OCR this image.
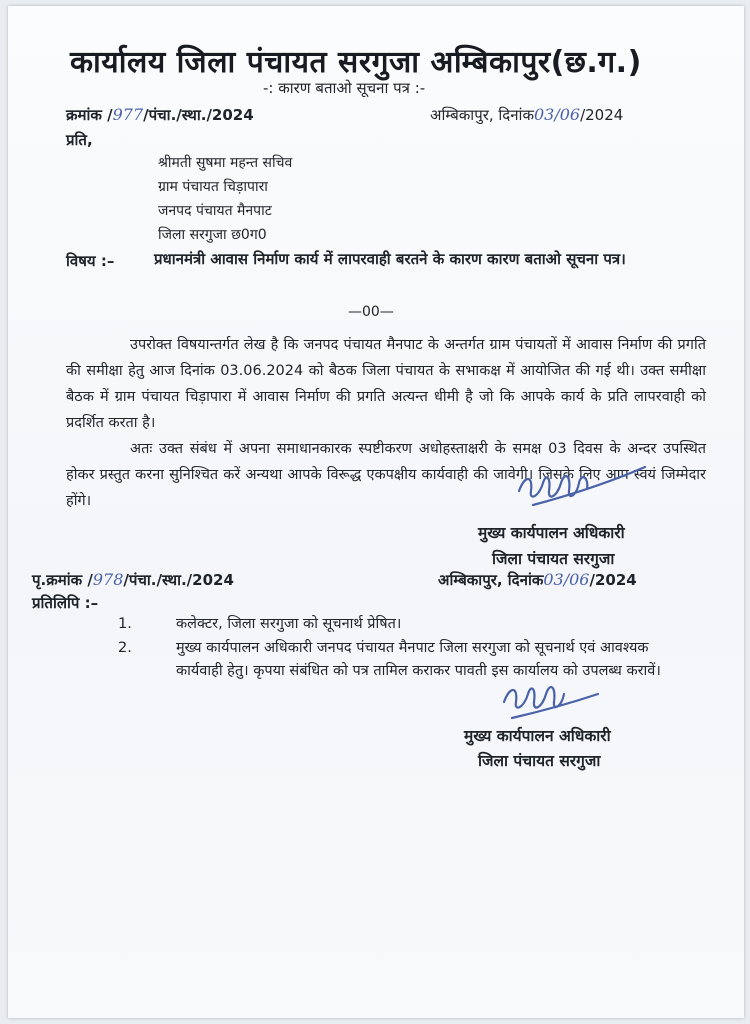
कार्यालय जिला पंचायत सरगुजा अम्बिकापुर(छ.ग.)
-: कारण बताओ सूचना पत्र :-
क्रमांक /977/पंचा./स्था./2024	अम्बिकापुर, दिनांक03/06/2024
प्रति,
श्रीमती सुषमा महन्त सचिव
ग्राम पंचायत चिड़ापारा
जनपद पंचायत मैनपाट
जिला सरगुजा छ0ग0
विषय :–	प्रधानमंत्री आवास निर्माण कार्य में लापरवाही बरतने के कारण कारण बताओ सूचना पत्र।
—00—
उपरोक्त विषयान्तर्गत लेख है कि जनपद पंचायत मैनपाट के अन्तर्गत ग्राम पंचायतों में आवास निर्माण की प्रगति की समीक्षा हेतु आज दिनांक 03.06.2024 को बैठक जिला पंचायत के सभाकक्ष में आयोजित की गई थी। उक्त समीक्षा बैठक में ग्राम पंचायत चिड़ापारा में आवास निर्माण की प्रगति अत्यन्त धीमी है जो कि आपके कार्य के प्रति लापरवाही को प्रदर्शित करता है।
अतः उक्त संबंध में अपना समाधानकारक स्पष्टीकरण अधोहस्ताक्षरी के समक्ष 03 दिवस के अन्दर उपस्थित होकर प्रस्तुत करना सुनिश्चित करें अन्यथा आपके विरूद्ध एकपक्षीय कार्यवाही की जावेगी। जिसके लिए आप स्वयं जिम्मेदार होंगे।
मुख्य कार्यपालन अधिकारी
जिला पंचायत सरगुजा
पृ.क्रमांक /978/पंचा./स्था./2024	अम्बिकापुर, दिनांक03/06/2024
प्रतिलिपि :–
1.	कलेक्टर, जिला सरगुजा को सूचनार्थ प्रेषित।
2.	मुख्य कार्यपालन अधिकारी जनपद पंचायत मैनपाट जिला सरगुजा को सूचनार्थ एवं आवश्यक कार्यवाही हेतु। कृपया संबंधित को पत्र तामिल कराकर पावती इस कार्यालय को उपलब्ध करावें।
मुख्य कार्यपालन अधिकारी
जिला पंचायत सरगुजा
